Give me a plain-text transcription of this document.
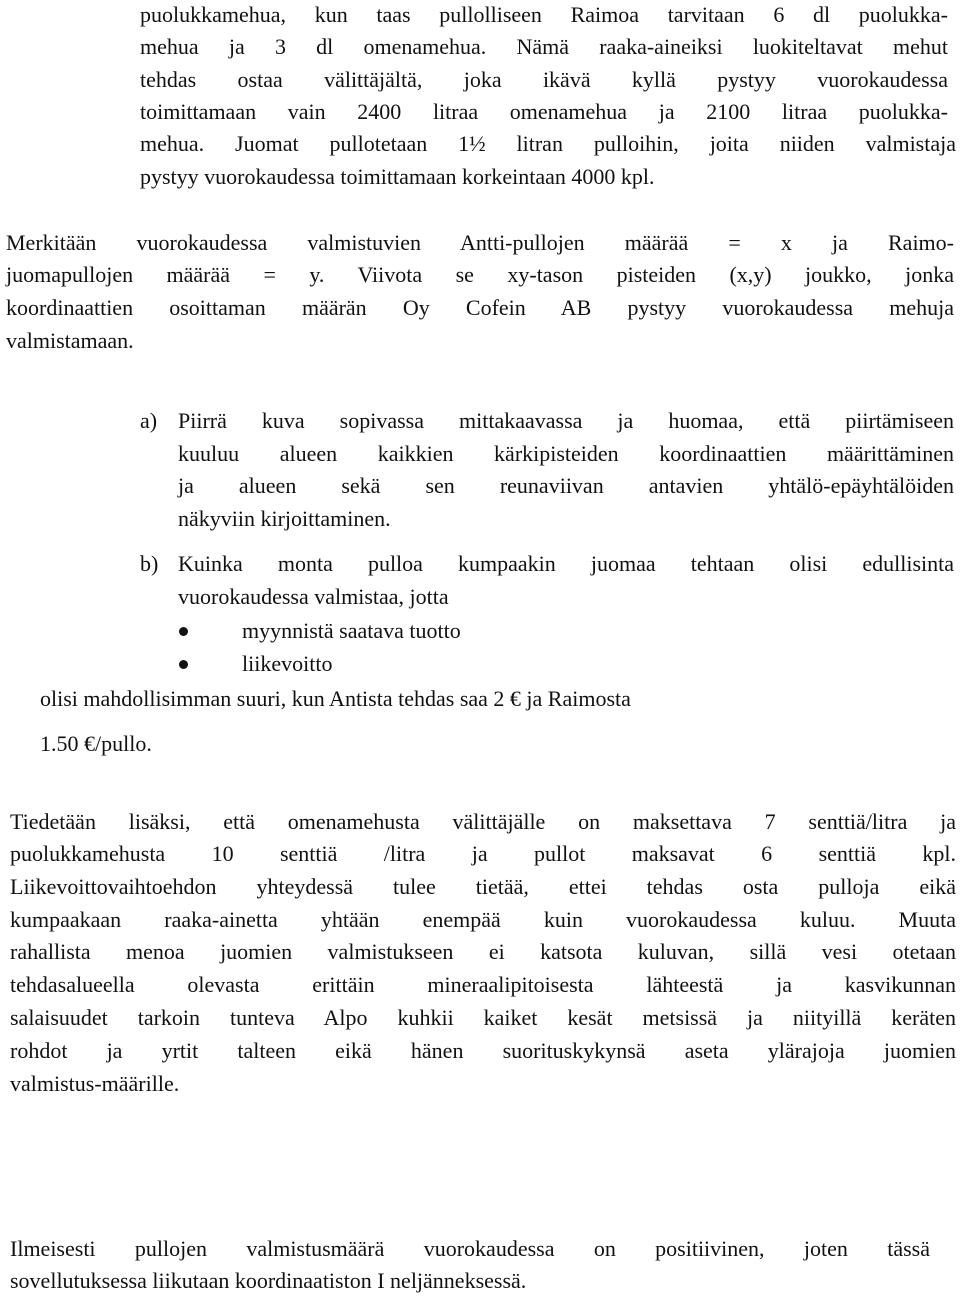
puolukkamehua, kun taas pullolliseen Raimoa tarvitaan 6 dl puolukka-
mehua ja 3 dl omenamehua. Nämä raaka-aineiksi luokiteltavat mehut
tehdas ostaa välittäjältä, joka ikävä kyllä pystyy vuorokaudessa
toimittamaan vain 2400 litraa omenamehua ja 2100 litraa puolukka-
mehua. Juomat pullotetaan 1½ litran pulloihin, joita niiden valmistaja
pystyy vuorokaudessa toimittamaan korkeintaan 4000 kpl.
Merkitään vuorokaudessa valmistuvien Antti-pullojen määrää = x ja Raimo-
juomapullojen määrää = y. Viivota se xy-tason pisteiden (x,y) joukko, jonka
koordinaattien osoittaman määrän Oy Cofein AB pystyy vuorokaudessa mehuja
valmistamaan.
a) Piirrä kuva sopivassa mittakaavassa ja huomaa, että piirtämiseen
kuuluu alueen kaikkien kärkipisteiden koordinaattien määrittäminen
ja alueen sekä sen reunaviivan antavien yhtälö-epäyhtälöiden
näkyviin kirjoittaminen.
b) Kuinka monta pulloa kumpaakin juomaa tehtaan olisi edullisinta
vuorokaudessa valmistaa, jotta
myynnistä saatava tuotto
liikevoitto
olisi mahdollisimman suuri, kun Antista tehdas saa 2 € ja Raimosta
1.50 €/pullo.
Tiedetään lisäksi, että omenamehusta välittäjälle on maksettava 7 senttiä/litra ja
puolukkamehusta 10 senttiä /litra ja pullot maksavat 6 senttiä kpl.
Liikevoittovaihtoehdon yhteydessä tulee tietää, ettei tehdas osta pulloja eikä
kumpaakaan raaka-ainetta yhtään enempää kuin vuorokaudessa kuluu. Muuta
rahallista menoa juomien valmistukseen ei katsota kuluvan, sillä vesi otetaan
tehdasalueella olevasta erittäin mineraalipitoisesta lähteestä ja kasvikunnan
salaisuudet tarkoin tunteva Alpo kuhkii kaiket kesät metsissä ja niityillä keräten
rohdot ja yrtit talteen eikä hänen suorituskykynsä aseta ylärajoja juomien
valmistus-määrille.
Ilmeisesti pullojen valmistusmäärä vuorokaudessa on positiivinen, joten tässä
sovellutuksessa liikutaan koordinaatiston I neljänneksessä.
